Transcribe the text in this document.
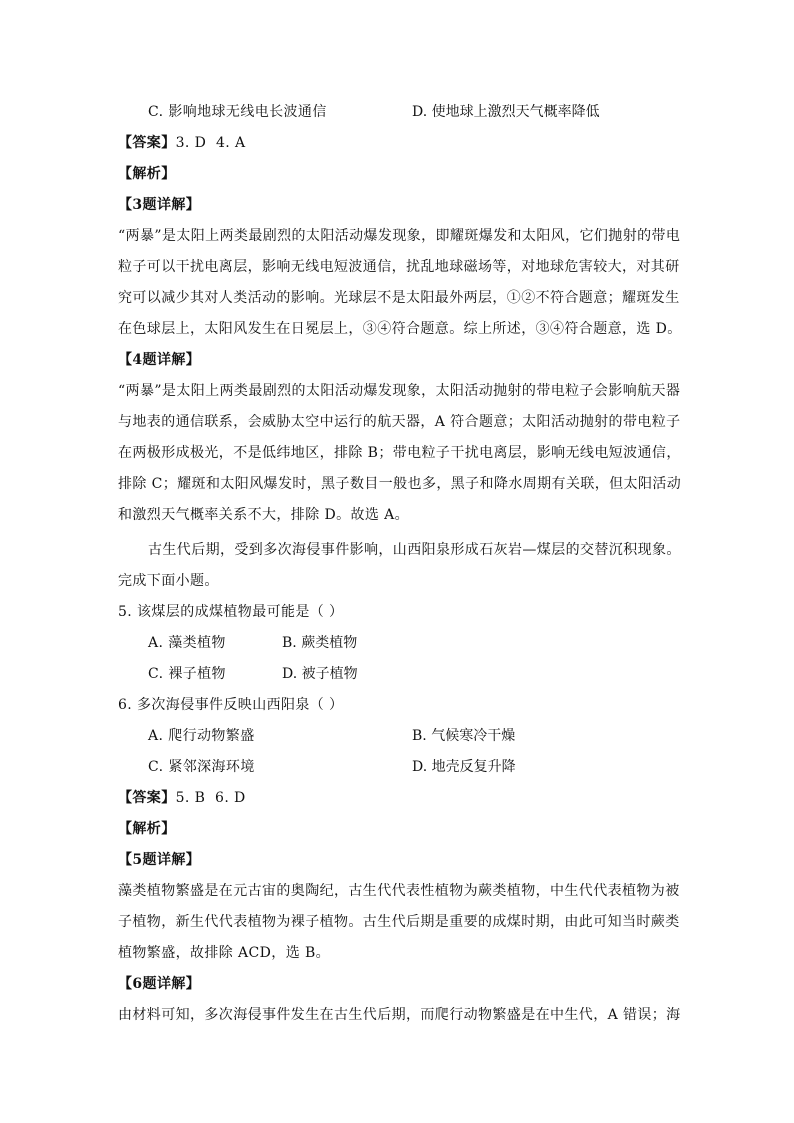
C. 影响地球无线电长波通信	D. 使地球上激烈天气概率降低
【答案】3. D  4. A
【解析】
【3题详解】
“两暴”是太阳上两类最剧烈的太阳活动爆发现象，即耀斑爆发和太阳风，它们抛射的带电
粒子可以干扰电离层，影响无线电短波通信，扰乱地球磁场等，对地球危害较大，对其研
究可以减少其对人类活动的影响。光球层不是太阳最外两层，①②不符合题意；耀斑发生
在色球层上，太阳风发生在日冕层上，③④符合题意。综上所述，③④符合题意，选 D。
【4题详解】
“两暴”是太阳上两类最剧烈的太阳活动爆发现象，太阳活动抛射的带电粒子会影响航天器
与地表的通信联系，会威胁太空中运行的航天器，A 符合题意；太阳活动抛射的带电粒子
在两极形成极光，不是低纬地区，排除 B；带电粒子干扰电离层，影响无线电短波通信，
排除 C；耀斑和太阳风爆发时，黑子数目一般也多，黑子和降水周期有关联，但太阳活动
和激烈天气概率关系不大，排除 D。故选 A。
古生代后期，受到多次海侵事件影响，山西阳泉形成石灰岩—煤层的交替沉积现象。
完成下面小题。
5. 该煤层的成煤植物最可能是（ ）
A. 藻类植物	B. 蕨类植物
C. 裸子植物	D. 被子植物
6. 多次海侵事件反映山西阳泉（ ）
A. 爬行动物繁盛	B. 气候寒冷干燥
C. 紧邻深海环境	D. 地壳反复升降
【答案】5. B  6. D
【解析】
【5题详解】
藻类植物繁盛是在元古宙的奥陶纪，古生代代表性植物为蕨类植物，中生代代表植物为被
子植物，新生代代表植物为裸子植物。古生代后期是重要的成煤时期，由此可知当时蕨类
植物繁盛，故排除 ACD，选 B。
【6题详解】
由材料可知，多次海侵事件发生在古生代后期，而爬行动物繁盛是在中生代，A 错误；海
